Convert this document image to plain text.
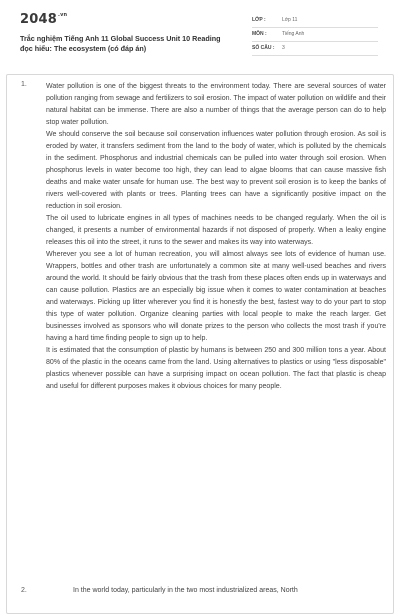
$2048^{.vn}$
Trắc nghiệm Tiếng Anh 11 Global Success Unit 10 Reading đọc hiểu: The ecosystem (có đáp án)
LỚP :	Lớp 11
MÔN :	Tiếng Anh
SỐ CÂU : 3
1.	Water pollution is one of the biggest threats to the environment today. There are several sources of water pollution ranging from sewage and fertilizers to soil erosion. The impact of water pollution on wildlife and their natural habitat can be immense. There are also a number of things that the average person can do to help stop water pollution.

We should conserve the soil because soil conservation influences water pollution through erosion. As soil is eroded by water, it transfers sediment from the land to the body of water, which is polluted by the chemicals in the sediment. Phosphorus and industrial chemicals can be pulled into water through soil erosion. When phosphorus levels in water become too high, they can lead to algae blooms that can cause massive fish deaths and make water unsafe for human use. The best way to prevent soil erosion is to keep the banks of rivers well-covered with plants or trees. Planting trees can have a significantly positive impact on the reduction in soil erosion.

The oil used to lubricate engines in all types of machines needs to be changed regularly. When the oil is changed, it presents a number of environmental hazards if not disposed of properly. When a leaky engine releases this oil into the street, it runs to the sewer and makes its way into waterways.

Wherever you see a lot of human recreation, you will almost always see lots of evidence of human use. Wrappers, bottles and other trash are unfortunately a common site at many well-used beaches and rivers around the world. It should be fairly obvious that the trash from these places often ends up in waterways and can cause pollution. Plastics are an especially big issue when it comes to water contamination at beaches and waterways. Picking up litter wherever you find it is honestly the best, fastest way to do your part to stop this type of water pollution. Organize cleaning parties with local people to make the reach larger. Get businesses involved as sponsors who will donate prizes to the person who collects the most trash if you're having a hard time finding people to sign up to help.

It is estimated that the consumption of plastic by humans is between 250 and 300 million tons a year. About 80% of the plastic in the oceans came from the land. Using alternatives to plastics or using "less disposable" plastics whenever possible can have a surprising impact on ocean pollution. The fact that plastic is cheap and useful for different purposes makes it obvious choices for many people.

2.	In the world today, particularly in the two most industrialized areas, North
